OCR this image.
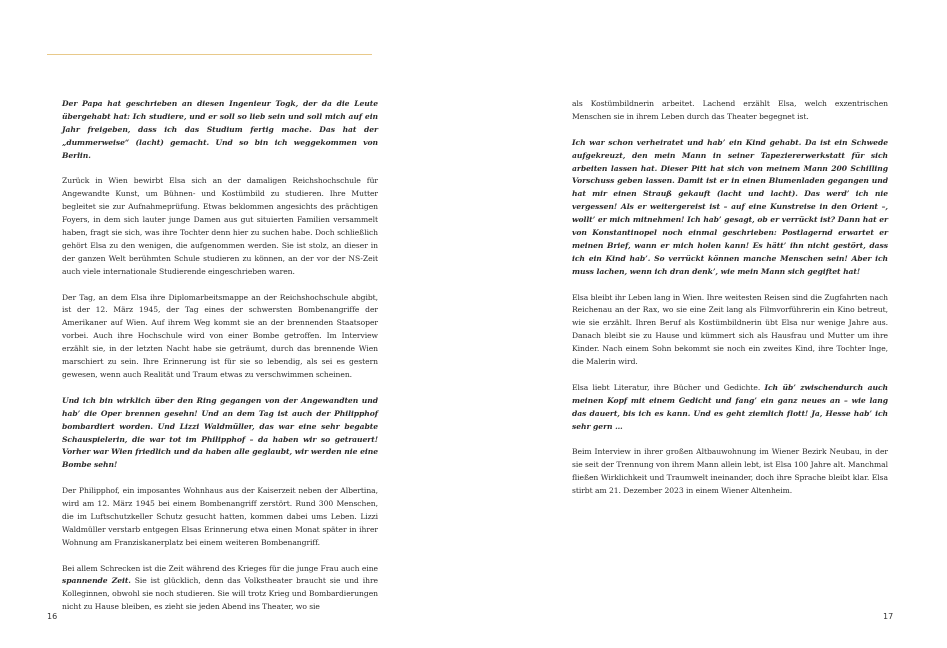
Der Papa hat geschrieben an diesen Ingenieur Togk, der da die Leute übergehabt hat: Ich studiere, und er soll so lieb sein und soll mich auf ein Jahr freigeben, dass ich das Studium fertig mache. Das hat der „dummerweise“ (lacht) gemacht. Und so bin ich weggekommen von Berlin.

Zurück in Wien bewirbt Elsa sich an der damaligen Reichshochschule für Angewandte Kunst, um Bühnen- und Kostümbild zu studieren. Ihre Mutter begleitet sie zur Aufnahmeprüfung. Etwas beklommen angesichts des prächtigen Foyers, in dem sich lauter junge Damen aus gut situierten Familien versammelt haben, fragt sie sich, was ihre Tochter denn hier zu suchen habe. Doch schließlich gehört Elsa zu den wenigen, die aufgenommen werden. Sie ist stolz, an dieser in der ganzen Welt berühmten Schule studieren zu können, an der vor der NS-Zeit auch viele internationale Studierende eingeschrieben waren.

Der Tag, an dem Elsa ihre Diplomarbeitsmappe an der Reichshochschule abgibt, ist der 12. März 1945, der Tag eines der schwersten Bombenangriffe der Amerikaner auf Wien. Auf ihrem Weg kommt sie an der brennenden Staatsoper vorbei. Auch ihre Hochschule wird von einer Bombe getroffen. Im Interview erzählt sie, in der letzten Nacht habe sie geträumt, durch das brennende Wien marschiert zu sein. Ihre Erinnerung ist für sie so lebendig, als sei es gestern gewesen, wenn auch Realität und Traum etwas zu verschwimmen scheinen.

Und ich bin wirklich über den Ring gegangen von der Angewandten und hab’ die Oper brennen gesehn! Und an dem Tag ist auch der Philipphof bombardiert worden. Und Lizzi Waldmüller, das war eine sehr begabte Schauspielerin, die war tot im Philipphof – da haben wir so getrauert! Vorher war Wien friedlich und da haben alle geglaubt, wir werden nie eine Bombe sehn!

Der Philipphof, ein imposantes Wohnhaus aus der Kaiserzeit neben der Albertina, wird am 12. März 1945 bei einem Bombenangriff zerstört. Rund 300 Menschen, die im Luftschutzkeller Schutz gesucht hatten, kommen dabei ums Leben. Lizzi Waldmüller verstarb entgegen Elsas Erinnerung etwa einen Monat später in ihrer Wohnung am Franziskanerplatz bei einem weiteren Bombenangriff.

Bei allem Schrecken ist die Zeit während des Krieges für die junge Frau auch eine spannende Zeit. Sie ist glücklich, denn das Volkstheater braucht sie und ihre Kolleginnen, obwohl sie noch studieren. Sie will trotz Krieg und Bombardierungen nicht zu Hause bleiben, es zieht sie jeden Abend ins Theater, wo sie

16

als Kostümbildnerin arbeitet. Lachend erzählt Elsa, welch exzentrischen Menschen sie in ihrem Leben durch das Theater begegnet ist.

Ich war schon verheiratet und hab’ ein Kind gehabt. Da ist ein Schwede aufgekreuzt, den mein Mann in seiner Tapeziererwerkstatt für sich arbeiten lassen hat. Dieser Pitt hat sich von meinem Mann 200 Schilling Vorschuss geben lassen. Damit ist er in einen Blumenladen gegangen und hat mir einen Strauß gekauft (lacht und lacht). Das werd’ ich nie vergessen! Als er weitergereist ist – auf eine Kunstreise in den Orient –, wollt’ er mich mitnehmen! Ich hab’ gesagt, ob er verrückt ist? Dann hat er von Konstantinopel noch einmal geschrieben: Postlagernd erwartet er meinen Brief, wann er mich holen kann! Es hätt’ ihn nicht gestört, dass ich ein Kind hab’. So verrückt können manche Menschen sein! Aber ich muss lachen, wenn ich dran denk’, wie mein Mann sich gegiftet hat!

Elsa bleibt ihr Leben lang in Wien. Ihre weitesten Reisen sind die Zugfahrten nach Reichenau an der Rax, wo sie eine Zeit lang als Filmvorführerin ein Kino betreut, wie sie erzählt. Ihren Beruf als Kostümbildnerin übt Elsa nur wenige Jahre aus. Danach bleibt sie zu Hause und kümmert sich als Hausfrau und Mutter um ihre Kinder. Nach einem Sohn bekommt sie noch ein zweites Kind, ihre Tochter Inge, die Malerin wird.

Elsa liebt Literatur, ihre Bücher und Gedichte. Ich üb’ zwischendurch auch meinen Kopf mit einem Gedicht und fang’ ein ganz neues an – wie lang das dauert, bis ich es kann. Und es geht ziemlich flott! Ja, Hesse hab’ ich sehr gern …

Beim Interview in ihrer großen Altbauwohnung im Wiener Bezirk Neubau, in der sie seit der Trennung von ihrem Mann allein lebt, ist Elsa 100 Jahre alt. Manchmal fließen Wirklichkeit und Traumwelt ineinander, doch ihre Sprache bleibt klar. Elsa stirbt am 21. Dezember 2023 in einem Wiener Altenheim.

17
